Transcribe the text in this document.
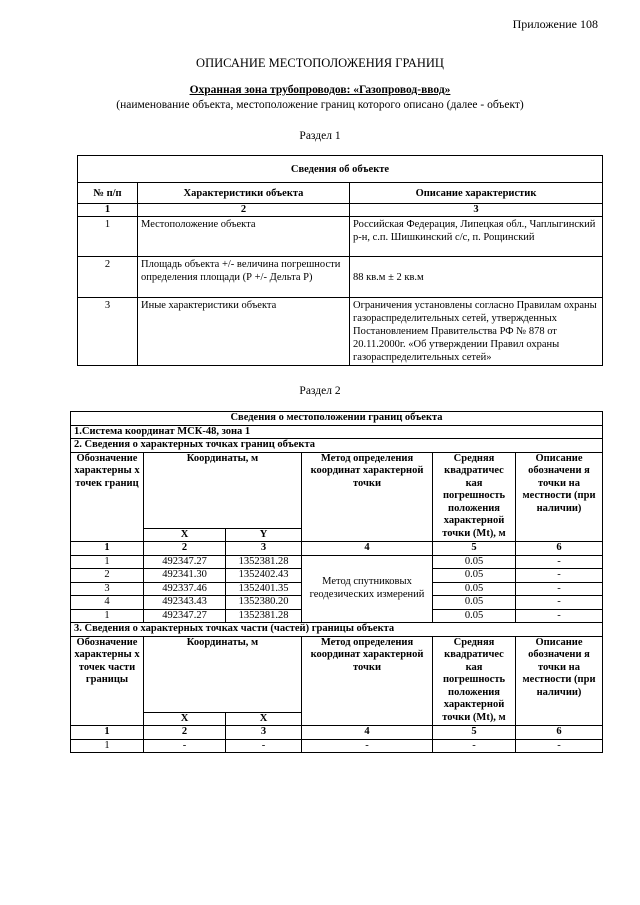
Приложение 108
ОПИСАНИЕ МЕСТОПОЛОЖЕНИЯ ГРАНИЦ
Охранная зона трубопроводов: «Газопровод-ввод»
(наименование объекта, местоположение границ которого описано (далее - объект)
Раздел 1
Сведения об объекте		
№ п/п	Характеристики объекта	Описание характеристик
1	2	3
1	Местоположение объекта	Российская Федерация, Липецкая обл., Чаплыгинский р-н, с.п. Шишкинский с/с, п. Рощинский
2	Площадь объекта +/- величина погрешности определения площади (Р +/- Дельта Р)	88 кв.м ± 2 кв.м
3	Иные характеристики объекта	Ограничения установлены согласно Правилам охраны газораспределительных сетей, утвержденных Постановлением Правительства РФ № 878 от 20.11.2000г. «Об утверждении Правил охраны газораспределительных сетей»
Раздел 2
Сведения о местоположении границ объекта					
1.Система координат МСК-48, зона 1					
2. Сведения о характерных точках границ объекта					
Обозначение характерны х точек границ	Координаты, м		Метод определения координат характерной точки	Средняя квадратичес кая погрешность положения характерной точки (Mt), м	Описание обозначени я точки на местности (при наличии)
	X	Y			
1	2	3	4	5	6
1	492347.27	1352381.28	Метод спутниковых геодезических измерений	0.05	-
2	492341.30	1352402.43		0.05	-
3	492337.46	1352401.35		0.05	-
4	492343.43	1352380.20		0.05	-
1	492347.27	1352381.28		0.05	-
3. Сведения о характерных точках части (частей) границы объекта					
Обозначение характерны х точек части границы	Координаты, м		Метод определения координат характерной точки	Средняя квадратичес кая погрешность положения характерной точки (Mt), м	Описание обозначени я точки на местности (при наличии)
	X	X			
1	2	3	4	5	6
1	-	-	-	-	-
